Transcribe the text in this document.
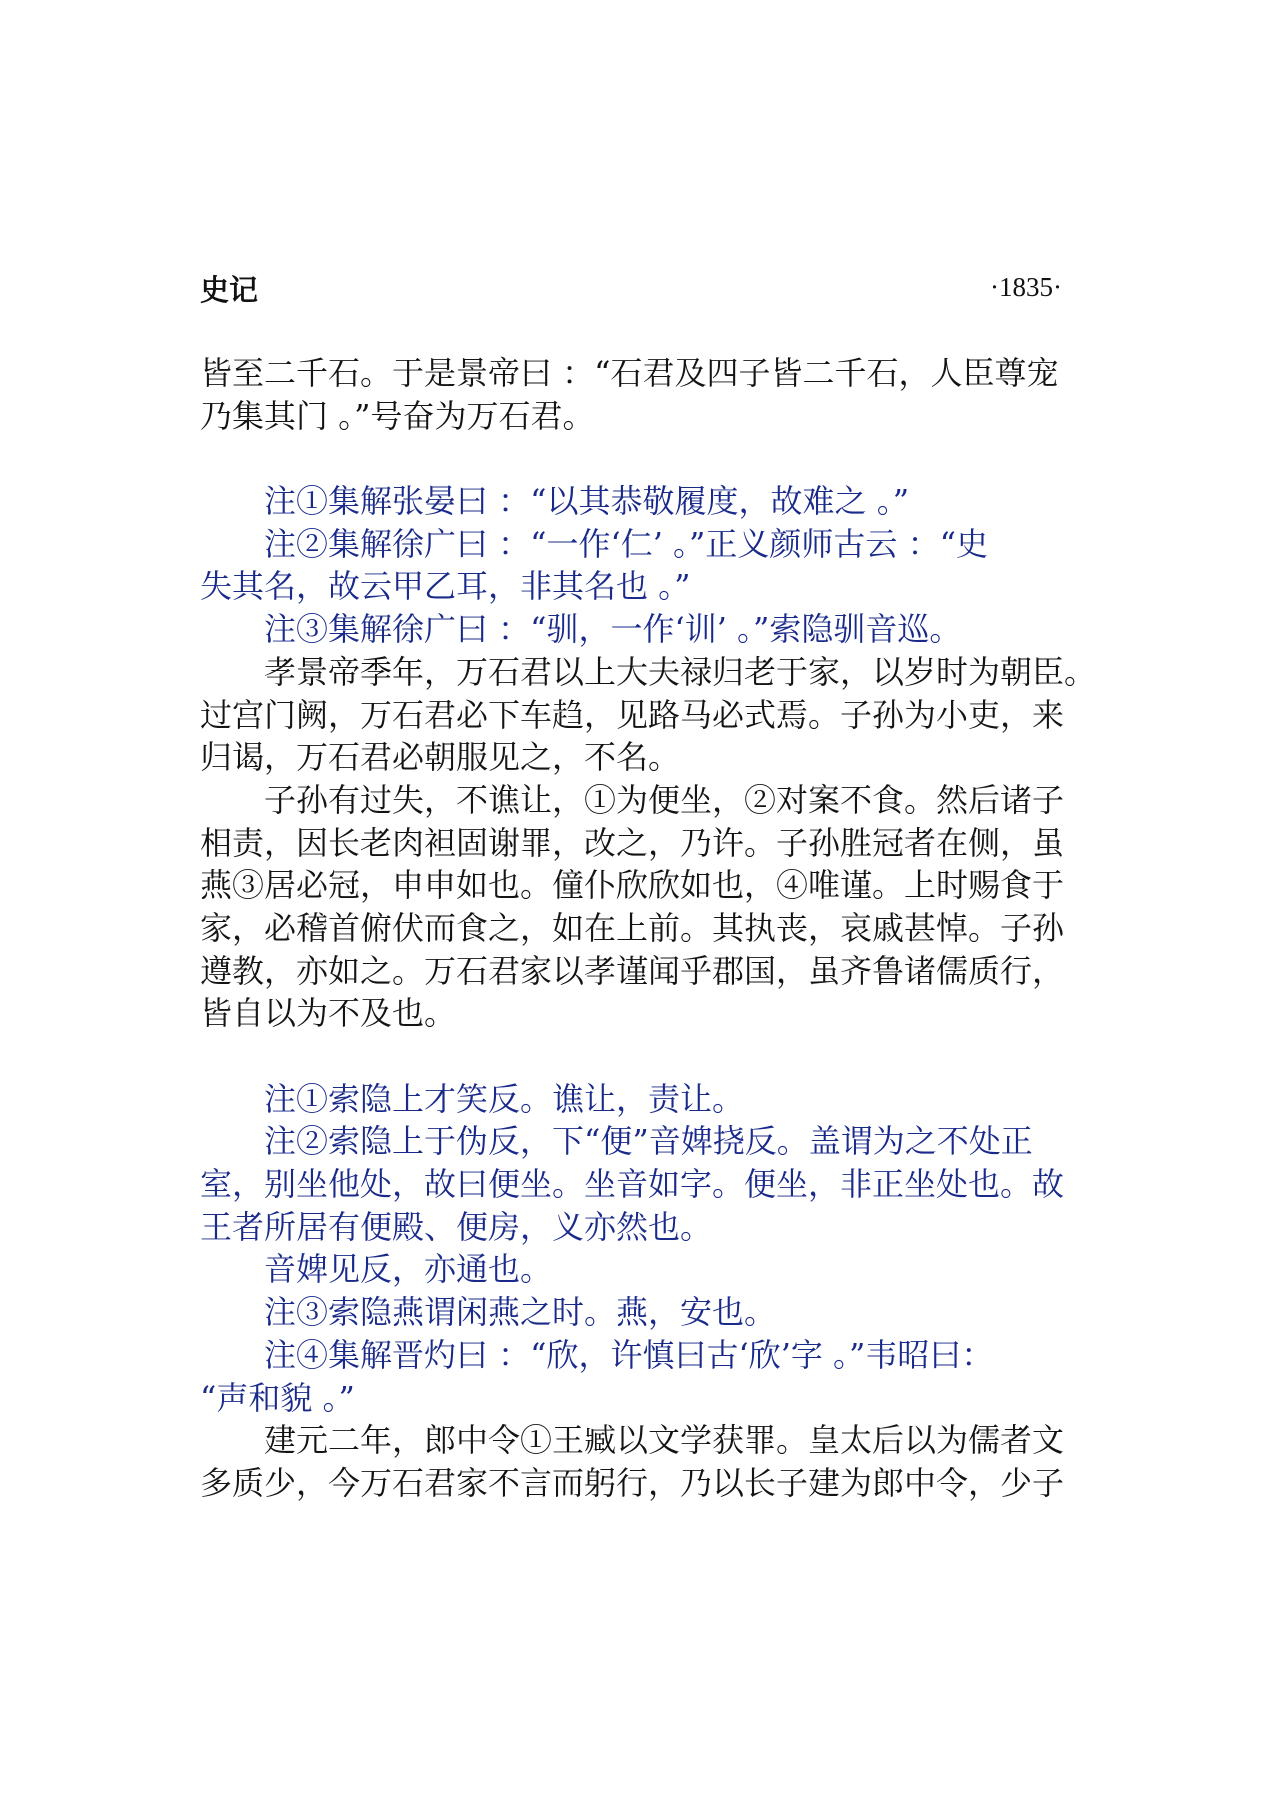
史记	·1835·
皆至二千石。于是景帝曰 ：“石君及四子皆二千石，人臣尊宠
乃集其门 。”号奋为万石君。
注①集解张晏曰 ：“以其恭敬履度，故难之 。”
注②集解徐广曰 ：“一作‘仁’ 。”正义颜师古云 ：“史
失其名，故云甲乙耳，非其名也 。”
注③集解徐广曰 ：“驯，一作‘训’ 。”索隐驯音巡。
孝景帝季年，万石君以上大夫禄归老于家，以岁时为朝臣。
过宫门阙，万石君必下车趋，见路马必式焉。子孙为小吏，来
归谒，万石君必朝服见之，不名。
子孙有过失，不谯让，①为便坐，②对案不食。然后诸子
相责，因长老肉袒固谢罪，改之，乃许。子孙胜冠者在侧，虽
燕③居必冠，申申如也。僮仆欣欣如也，④唯谨。上时赐食于
家，必稽首俯伏而食之，如在上前。其执丧，哀戚甚悼。子孙
遵教，亦如之。万石君家以孝谨闻乎郡国，虽齐鲁诸儒质行，
皆自以为不及也。
注①索隐上才笑反。谯让，责让。
注②索隐上于伪反，下“便”音婢挠反。盖谓为之不处正
室，别坐他处，故曰便坐。坐音如字。便坐，非正坐处也。故
王者所居有便殿、便房，义亦然也。
音婢见反，亦通也。
注③索隐燕谓闲燕之时。燕，安也。
注④集解晋灼曰 ：“欣，许慎曰古‘欣’字 。”韦昭曰：
“声和貌 。”
建元二年，郎中令①王臧以文学获罪。皇太后以为儒者文
多质少，今万石君家不言而躬行，乃以长子建为郎中令，少子
